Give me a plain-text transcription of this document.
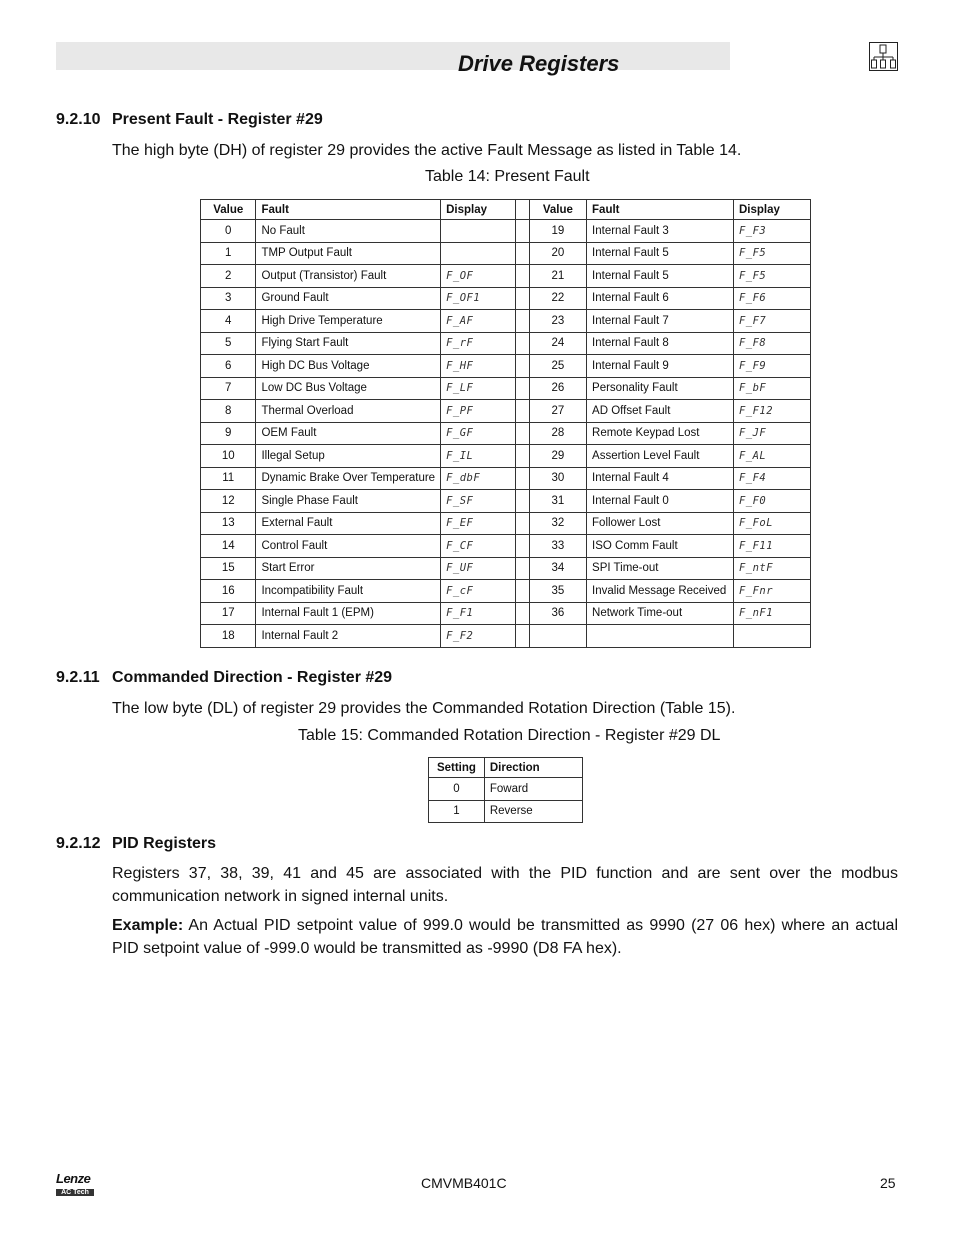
Drive Registers
9.2.10 Present Fault - Register #29
The high byte (DH) of register 29 provides the active Fault Message as listed in Table 14.
Table 14: Present Fault
Value	Fault	Display		Value	Fault	Display
0	No Fault			19	Internal Fault 3	F_F3
1	TMP Output Fault			20	Internal Fault 5	F_F5
2	Output (Transistor) Fault	F_OF		21	Internal Fault 5	F_F5
3	Ground Fault	F_OF1		22	Internal Fault 6	F_F6
4	High Drive Temperature	F_AF		23	Internal Fault 7	F_F7
5	Flying Start Fault	F_rF		24	Internal Fault 8	F_F8
6	High DC Bus Voltage	F_HF		25	Internal Fault 9	F_F9
7	Low DC Bus Voltage	F_LF		26	Personality Fault	F_bF
8	Thermal Overload	F_PF		27	AD Offset Fault	F_F12
9	OEM Fault	F_GF		28	Remote Keypad Lost	F_JF
10	Illegal Setup	F_IL		29	Assertion Level Fault	F_AL
11	Dynamic Brake Over Temperature	F_dbF		30	Internal Fault 4	F_F4
12	Single Phase Fault	F_SF		31	Internal Fault 0	F_F0
13	External Fault	F_EF		32	Follower Lost	F_FoL
14	Control Fault	F_CF		33	ISO Comm Fault	F_F11
15	Start Error	F_UF		34	SPI Time-out	F_ntF
16	Incompatibility Fault	F_cF		35	Invalid Message Received	F_Fnr
17	Internal Fault 1 (EPM)	F_F1		36	Network Time-out	F_nF1
18	Internal Fault 2	F_F2				
9.2.11 Commanded Direction - Register #29
The low byte (DL) of register 29 provides the Commanded Rotation Direction (Table 15).
Table 15: Commanded Rotation Direction - Register #29 DL
Setting	Direction
0	Foward
1	Reverse
9.2.12 PID Registers
Registers 37, 38, 39, 41 and 45 are associated with the PID function and are sent over the modbus communication network in signed internal units.
Example: An Actual PID setpoint value of 999.0 would be transmitted as 9990 (27 06 hex) where an actual PID setpoint value of -999.0 would be transmitted as -9990 (D8 FA hex).
Lenze
AC Tech
CMVMB401C	25
